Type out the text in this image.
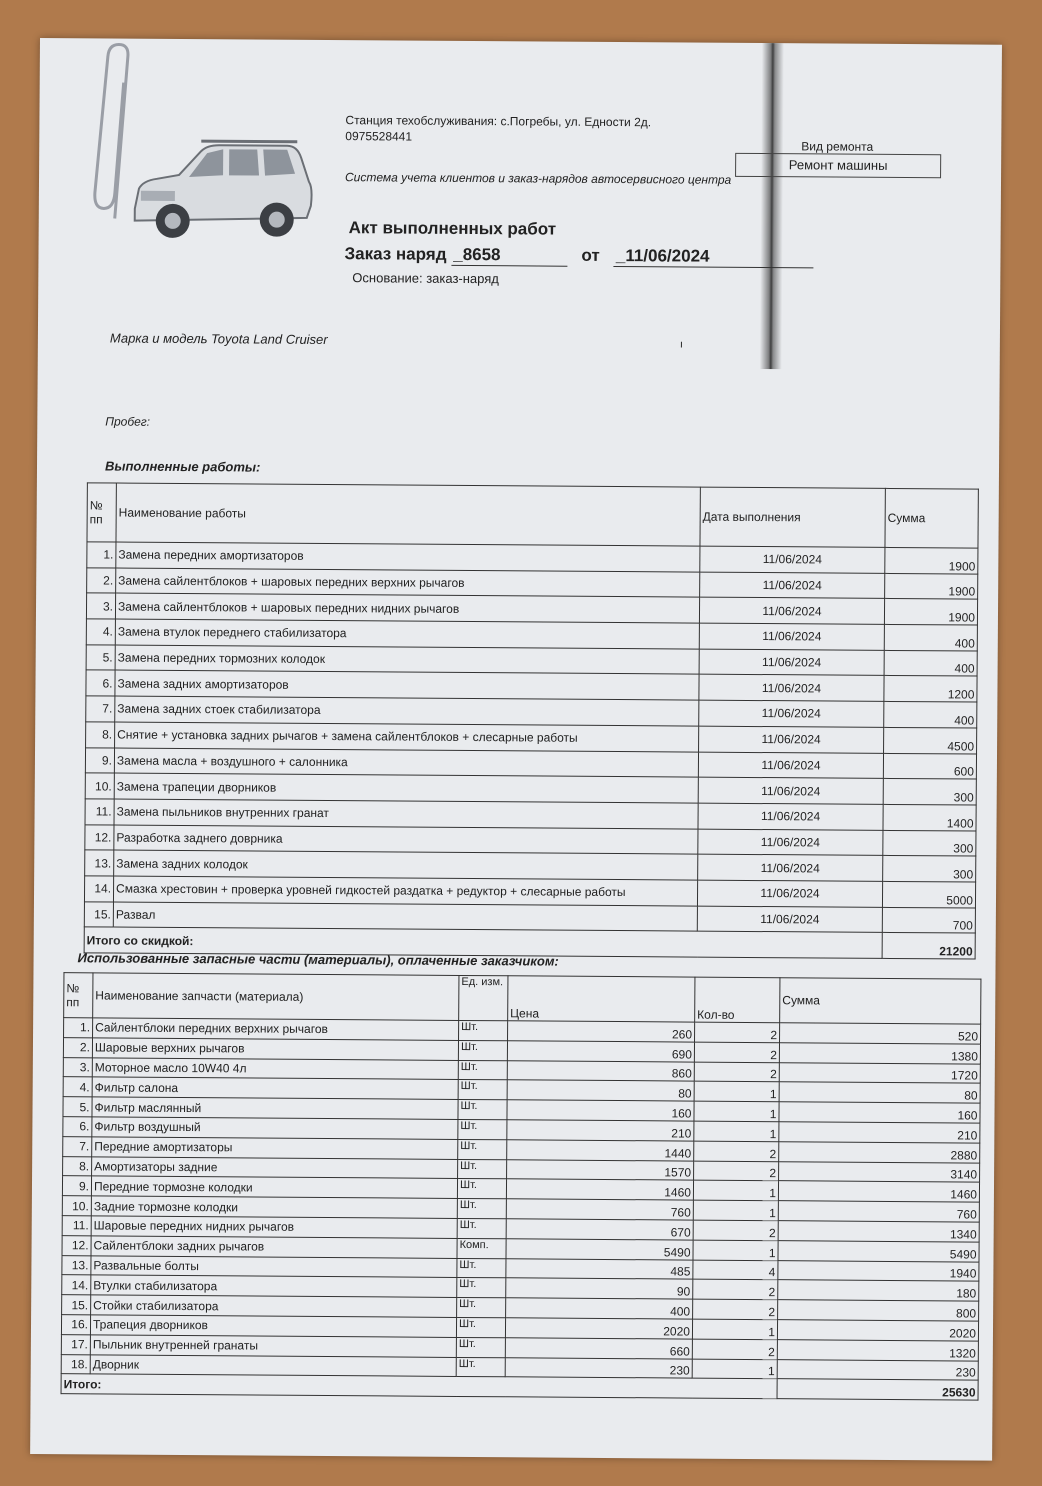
Станция техобслуживания: с.Погребы, ул. Едности 2д.
0975528441
Система учета клиентов и заказ-нарядов автосервисного центра
Вид ремонта
Ремонт машины
Акт выполненных работ
Заказ наряд _8658	от _11/06/2024
Основание: заказ-наряд
ı
Марка и модель Toyota Land Cruiser
Пробег:
Выполненные работы:
№ пп	Наименование работы	Дата выполнения	Сумма
1.	Замена передних амортизаторов	11/06/2024	1900
2.	Замена сайлентблоков + шаровых передних верхних рычагов	11/06/2024	1900
3.	Замена сайлентблоков + шаровых передних нидних рычагов	11/06/2024	1900
4.	Замена втулок переднего стабилизатора	11/06/2024	400
5.	Замена передних тормозних колодок	11/06/2024	400
6.	Замена задних амортизаторов	11/06/2024	1200
7.	Замена задних стоек стабилизатора	11/06/2024	400
8.	Снятие + установка задних рычагов + замена сайлентблоков + слесарные работы	11/06/2024	4500
9.	Замена масла + воздушного + салонника	11/06/2024	600
10.	Замена трапеции дворников	11/06/2024	300
11.	Замена пыльников внутренних гранат	11/06/2024	1400
12.	Разработка заднего доврника	11/06/2024	300
13.	Замена задних колодок	11/06/2024	300
14.	Смазка хрестовин + проверка уровней гидкостей раздатка + редуктор + слесарные работы	11/06/2024	5000
15.	Развал	11/06/2024	700
Итого со скидкой:			21200
Использованные запасные части (материалы), оплаченные заказчиком:
№ пп	Наименование запчасти (материала)	Ед. изм.	Цена	Кол-во	Сумма
1.	Сайлентблоки передних верхних рычагов	Шт.	260	2	520
2.	Шаровые верхних рычагов	Шт.	690	2	1380
3.	Моторное масло 10W40 4л	Шт.	860	2	1720
4.	Фильтр салона	Шт.	80	1	80
5.	Фильтр маслянный	Шт.	160	1	160
6.	Фильтр воздушный	Шт.	210	1	210
7.	Передние амортизаторы	Шт.	1440	2	2880
8.	Амортизаторы задние	Шт.	1570	2	3140
9.	Передние тормозне колодки	Шт.	1460	1	1460
10.	Задние тормозне колодки	Шт.	760	1	760
11.	Шаровые передних нидних рычагов	Шт.	670	2	1340
12.	Сайлентблоки задних рычагов	Комп.	5490	1	5490
13.	Развальные болты	Шт.	485	4	1940
14.	Втулки стабилизатора	Шт.	90	2	180
15.	Стойки стабилизатора	Шт.	400	2	800
16.	Трапеция дворников	Шт.	2020	1	2020
17.	Пыльник внутренней гранаты	Шт.	660	2	1320
18.	Дворник	Шт.	230	1	230
Итого:					25630
